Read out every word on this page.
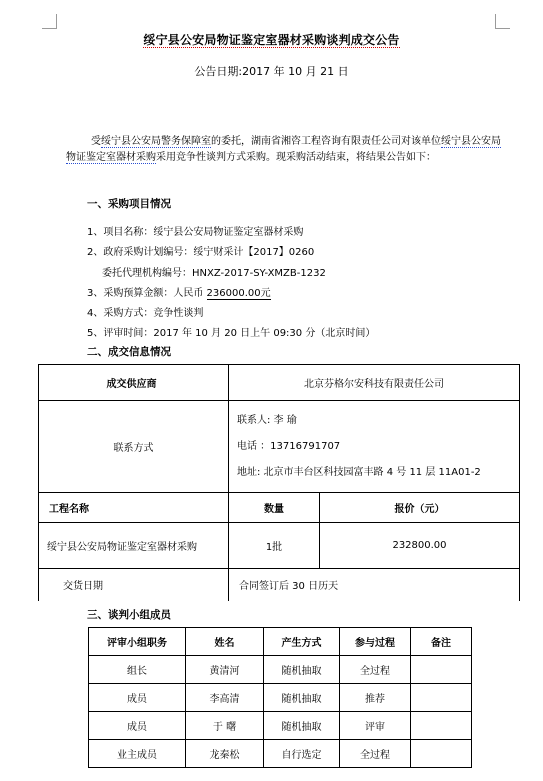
绥宁县公安局物证鉴定室器材采购谈判成交公告
公告日期:2017 年 10 月 21 日
受绥宁县公安局警务保障室的委托，湖南省湘咨工程咨询有限责任公司对该单位绥宁县公安局物证鉴定室器材采购采用竞争性谈判方式采购。现采购活动结束，将结果公告如下：
一、采购项目情况
1、项目名称：绥宁县公安局物证鉴定室器材采购
2、政府采购计划编号：绥宁财采计【2017】0260
委托代理机构编号：HNXZ-2017-SY-XMZB-1232
3、采购预算金额：人民币 236000.00元
4、采购方式：竞争性谈判
5、评审时间：2017 年 10 月 20 日上午 09:30 分（北京时间）
二、成交信息情况
成交供应商	北京芬格尔安科技有限责任公司	
联系方式	联系人: 李 瑜
电话 ：13716791707
地址: 北京市丰台区科技园富丰路 4 号 11 层 11A01-2	

工程名称	数量	报价（元）
绥宁县公安局物证鉴定室器材采购	1批	232800.00
交货日期	合同签订后 30 日历天	
三、谈判小组成员
评审小组职务	姓名	产生方式	参与过程	备注
组长	黄清河	随机抽取	全过程	
成员	李高清	随机抽取	推荐	
成员	于 曙	随机抽取	评审	
业主成员	龙秦松	自行选定	全过程	
